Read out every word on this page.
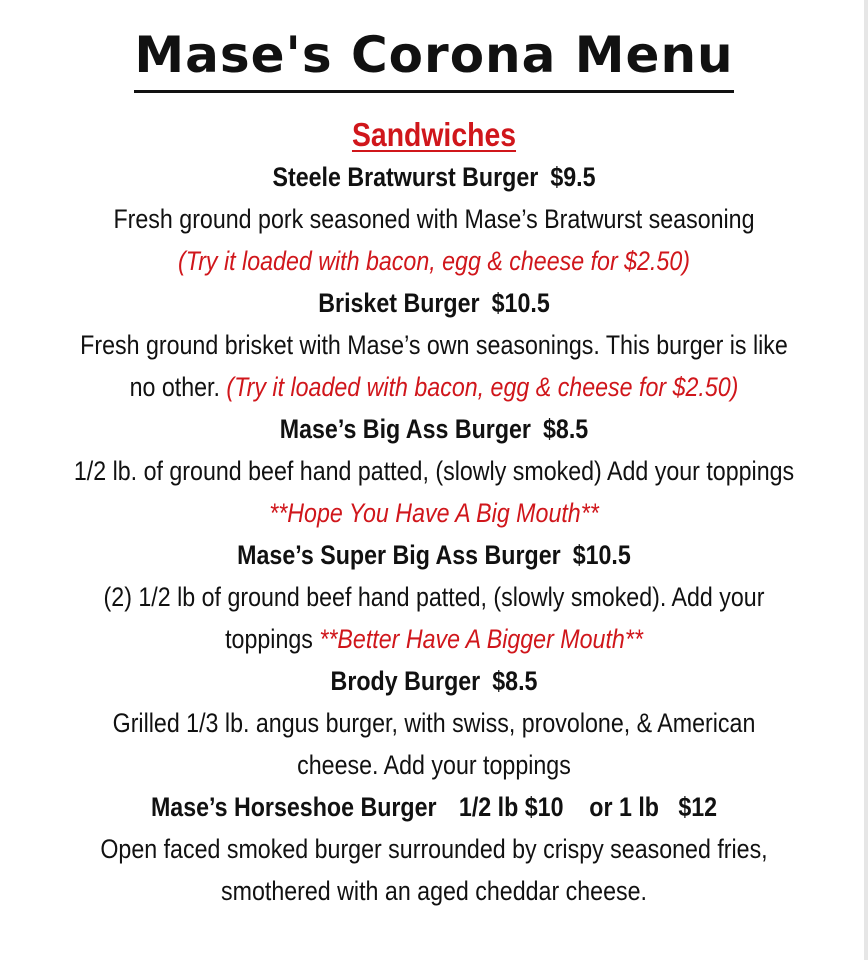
Mase's Corona Menu
Sandwiches
Steele Bratwurst Burger $9.5
Fresh ground pork seasoned with Mase’s Bratwurst seasoning
(Try it loaded with bacon, egg & cheese for $2.50)
Brisket Burger $10.5
Fresh ground brisket with Mase’s own seasonings. This burger is like no other. (Try it loaded with bacon, egg & cheese for $2.50)
Mase’s Big Ass Burger $8.5
1/2 lb. of ground beef hand patted, (slowly smoked) Add your toppings
**Hope You Have A Big Mouth**
Mase’s Super Big Ass Burger $10.5
(2) 1/2 lb of ground beef hand patted, (slowly smoked). Add your toppings **Better Have A Bigger Mouth**
Brody Burger $8.5
Grilled 1/3 lb. angus burger, with swiss, provolone, & American cheese. Add your toppings
Mase’s Horseshoe Burger 1/2 lb $10    or 1 lb   $12
Open faced smoked burger surrounded by crispy seasoned fries, smothered with an aged cheddar cheese.
